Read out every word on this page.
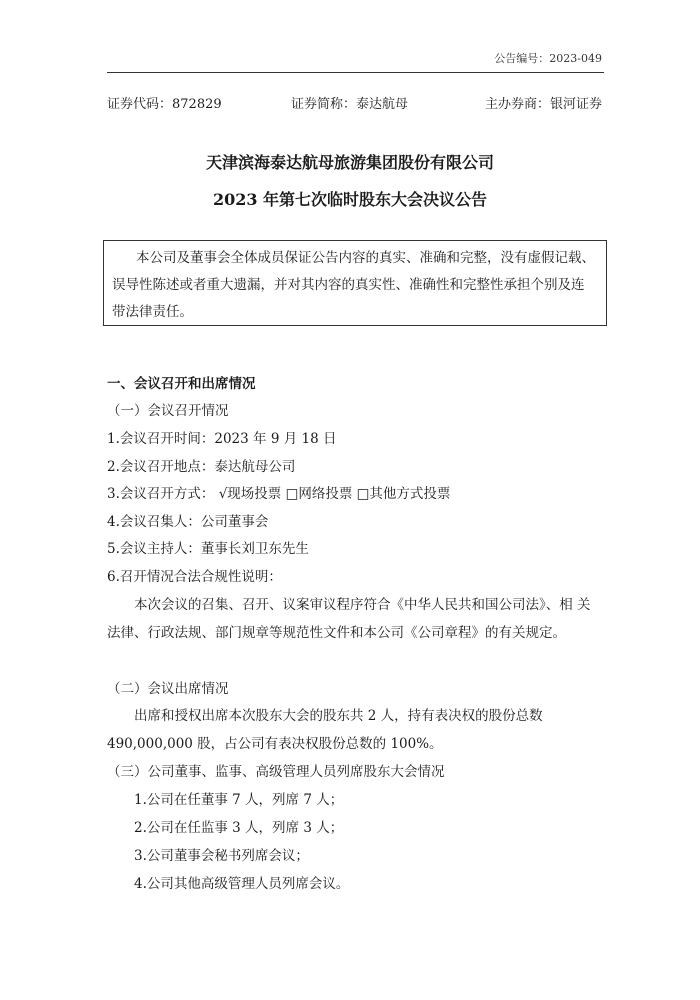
公告编号：2023-049
证券代码：872829	证券简称：泰达航母	主办券商：银河证券
天津滨海泰达航母旅游集团股份有限公司
2023 年第七次临时股东大会决议公告
本公司及董事会全体成员保证公告内容的真实、准确和完整，没有虚假记载、
误导性陈述或者重大遗漏，并对其内容的真实性、准确性和完整性承担个别及连
带法律责任。
一、会议召开和出席情况
（一）会议召开情况
1.会议召开时间：2023 年 9 月 18 日
2.会议召开地点：泰达航母公司
3.会议召开方式： √现场投票 □网络投票 □其他方式投票
4.会议召集人：公司董事会
5.会议主持人：董事长刘卫东先生
6.召开情况合法合规性说明：
本次会议的召集、召开、议案审议程序符合《中华人民共和国公司法》、相 关
法律、行政法规、部门规章等规范性文件和本公司《公司章程》的有关规定。
（二）会议出席情况
出席和授权出席本次股东大会的股东共 2 人，持有表决权的股份总数
490,000,000 股，占公司有表决权股份总数的 100%。
（三）公司董事、监事、高级管理人员列席股东大会情况
1.公司在任董事 7 人，列席 7 人；
2.公司在任监事 3 人，列席 3 人；
3.公司董事会秘书列席会议；
4.公司其他高级管理人员列席会议。
